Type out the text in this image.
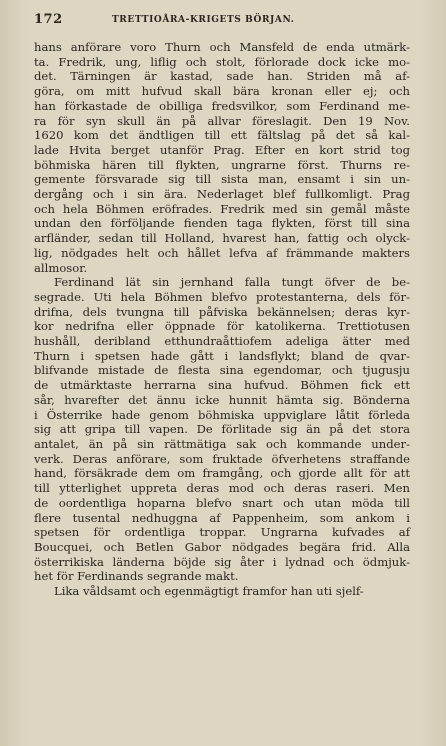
172	TRETTIOÅRA-KRIGETS BÖRJAN.
hans anförare voro Thurn och Mansfeld de enda utmärk-
ta. Fredrik, ung, liflig och stolt, förlorade dock icke mo-
det. Tärningen är kastad, sade han. Striden må af-
göra, om mitt hufvud skall bära kronan eller ej; och
han förkastade de obilliga fredsvilkor, som Ferdinand me-
ra för syn skull än på allvar föreslagit. Den 19 Nov.
1620 kom det ändtligen till ett fältslag på det så kal-
lade Hvita berget utanför Prag. Efter en kort strid tog
böhmiska hären till flykten, ungrarne först. Thurns re-
gemente försvarade sig till sista man, ensamt i sin un-
dergång och i sin ära. Nederlaget blef fullkomligt. Prag
och hela Böhmen eröfrades. Fredrik med sin gemål måste
undan den förföljande fienden taga flykten, först till sina
arfländer, sedan till Holland, hvarest han, fattig och olyck-
lig, nödgades helt och hållet lefva af främmande makters
allmosor.
Ferdinand lät sin jernhand falla tungt öfver de be-
segrade. Uti hela Böhmen blefvo protestanterna, dels för-
drifna, dels tvungna till påfviska bekännelsen; deras kyr-
kor nedrifna eller öppnade för katolikerna. Trettiotusen
hushåll, deribland etthundraåttiofem adeliga ätter med
Thurn i spetsen hade gått i landsflykt; bland de qvar-
blifvande mistade de flesta sina egendomar, och tjugusju
de utmärktaste herrarna sina hufvud. Böhmen fick ett
sår, hvarefter det ännu icke hunnit hämta sig. Bönderna
i Österrike hade genom böhmiska uppviglare låtit förleda
sig att gripa till vapen. De förlitade sig än på det stora
antalet, än på sin rättmätiga sak och kommande under-
verk. Deras anförare, som fruktade öfverhetens straffande
hand, försäkrade dem om framgång, och gjorde allt för att
till ytterlighet uppreta deras mod och deras raseri. Men
de oordentliga hoparna blefvo snart och utan möda till
flere tusental nedhuggna af Pappenheim, som ankom i
spetsen för ordentliga troppar. Ungrarna kufvades af
Boucquei, och Betlen Gabor nödgades begära frid. Alla
österrikiska länderna böjde sig åter i lydnad och ödmjuk-
het för Ferdinands segrande makt.
Lika våldsamt och egenmägtigt framfor han uti sjelf-
